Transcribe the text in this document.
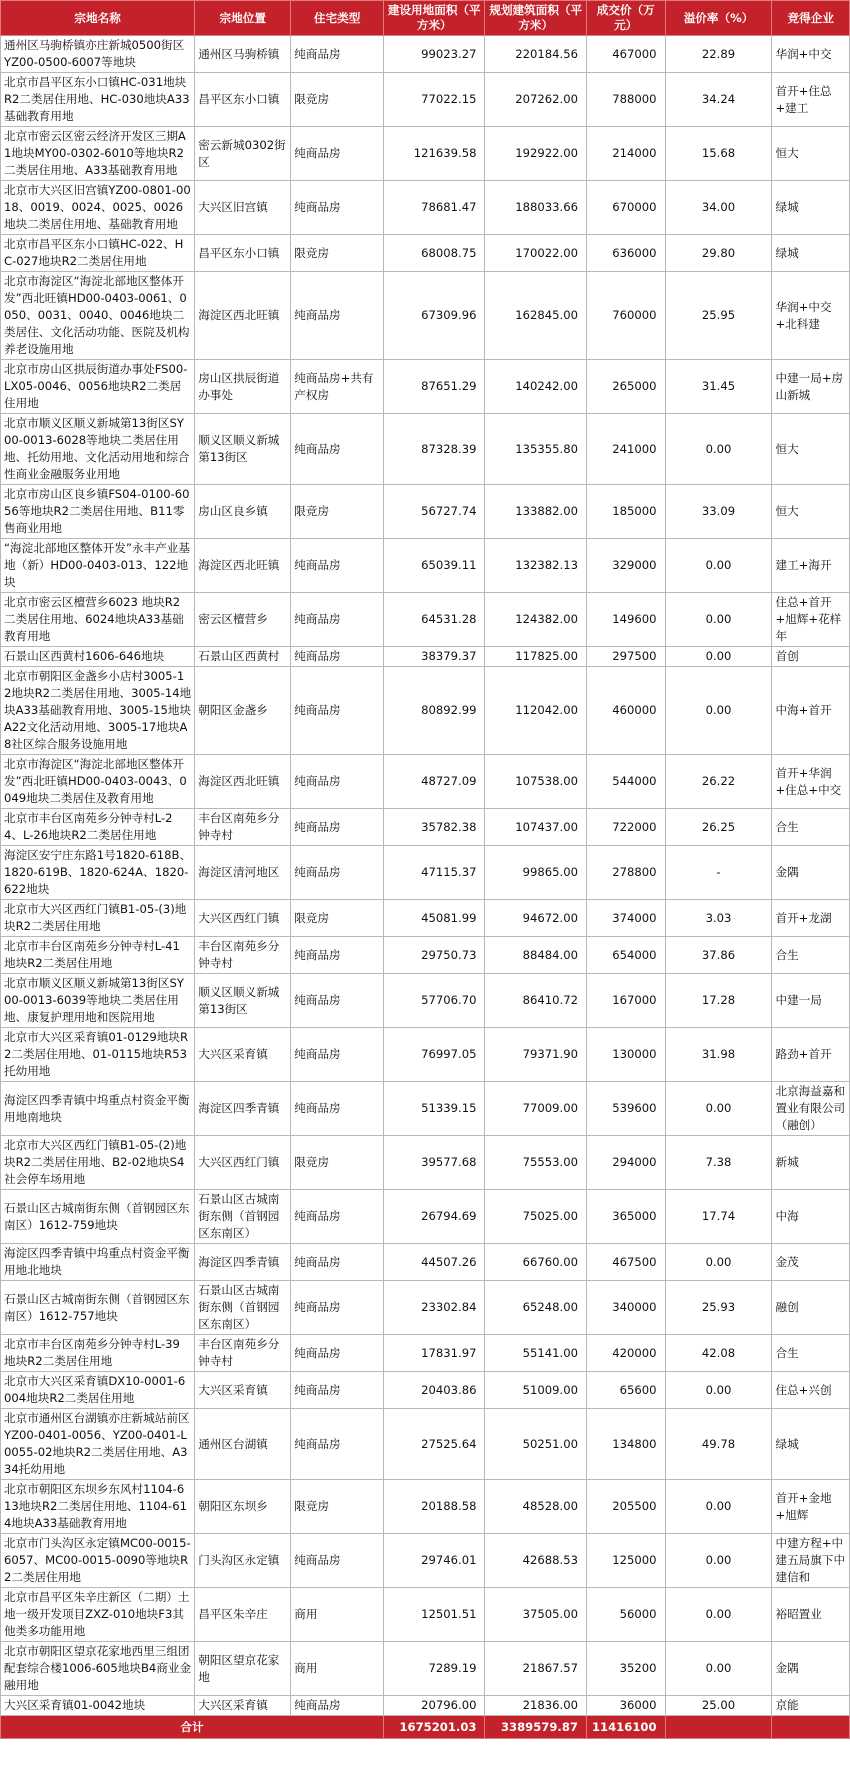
宗地名称	宗地位置	住宅类型	建设用地面积（平方米）	规划建筑面积（平方米）	成交价（万元）	溢价率（%）	竞得企业
通州区马驹桥镇亦庄新城0500街区YZ00-0500-6007等地块	通州区马驹桥镇	纯商品房	99023.27	220184.56	467000	22.89	华润+中交
北京市昌平区东小口镇HC-031地块R2二类居住用地、HC-030地块A33基础教育用地	昌平区东小口镇	限竞房	77022.15	207262.00	788000	34.24	首开+住总+建工
北京市密云区密云经济开发区三期A1地块MY00-0302-6010等地块R2二类居住用地、A33基础教育用地	密云新城0302街区	纯商品房	121639.58	192922.00	214000	15.68	恒大
北京市大兴区旧宫镇YZ00-0801-0018、0019、0024、0025、0026地块二类居住用地、基础教育用地	大兴区旧宫镇	纯商品房	78681.47	188033.66	670000	34.00	绿城
北京市昌平区东小口镇HC-022、HC-027地块R2二类居住用地	昌平区东小口镇	限竞房	68008.75	170022.00	636000	29.80	绿城
北京市海淀区“海淀北部地区整体开发”西北旺镇HD00-0403-0061、0050、0031、0040、0046地块二类居住、文化活动功能、医院及机构养老设施用地	海淀区西北旺镇	纯商品房	67309.96	162845.00	760000	25.95	华润+中交+北科建
北京市房山区拱辰街道办事处FS00-LX05-0046、0056地块R2二类居住用地	房山区拱辰街道办事处	纯商品房+共有产权房	87651.29	140242.00	265000	31.45	中建一局+房山新城
北京市顺义区顺义新城第13街区SY00-0013-6028等地块二类居住用地、托幼用地、文化活动用地和综合性商业金融服务业用地	顺义区顺义新城第13街区	纯商品房	87328.39	135355.80	241000	0.00	恒大
北京市房山区良乡镇FS04-0100-6056等地块R2二类居住用地、B11零售商业用地	房山区良乡镇	限竞房	56727.74	133882.00	185000	33.09	恒大
“海淀北部地区整体开发”永丰产业基地（新）HD00-0403-013、122地块	海淀区西北旺镇	纯商品房	65039.11	132382.13	329000	0.00	建工+海开
北京市密云区檀营乡6023 地块R2二类居住用地、6024地块A33基础教育用地	密云区檀营乡	纯商品房	64531.28	124382.00	149600	0.00	住总+首开+旭辉+花样年
石景山区西黄村1606-646地块	石景山区西黄村	纯商品房	38379.37	117825.00	297500	0.00	首创
北京市朝阳区金盏乡小店村3005-12地块R2二类居住用地、3005-14地块A33基础教育用地、3005-15地块A22文化活动用地、3005-17地块A8社区综合服务设施用地	朝阳区金盏乡	纯商品房	80892.99	112042.00	460000	0.00	中海+首开
北京市海淀区“海淀北部地区整体开发”西北旺镇HD00-0403-0043、0049地块二类居住及教育用地	海淀区西北旺镇	纯商品房	48727.09	107538.00	544000	26.22	首开+华润+住总+中交
北京市丰台区南苑乡分钟寺村L-24、L-26地块R2二类居住用地	丰台区南苑乡分钟寺村	纯商品房	35782.38	107437.00	722000	26.25	合生
海淀区安宁庄东路1号1820-618B、1820-619B、1820-624A、1820-622地块	海淀区清河地区	纯商品房	47115.37	99865.00	278800	-	金隅
北京市大兴区西红门镇B1-05-(3)地块R2二类居住用地	大兴区西红门镇	限竞房	45081.99	94672.00	374000	3.03	首开+龙湖
北京市丰台区南苑乡分钟寺村L-41地块R2二类居住用地	丰台区南苑乡分钟寺村	纯商品房	29750.73	88484.00	654000	37.86	合生
北京市顺义区顺义新城第13街区SY00-0013-6039等地块二类居住用地、康复护理用地和医院用地	顺义区顺义新城第13街区	纯商品房	57706.70	86410.72	167000	17.28	中建一局
北京市大兴区采育镇01-0129地块R2二类居住用地、01-0115地块R53托幼用地	大兴区采育镇	纯商品房	76997.05	79371.90	130000	31.98	路劲+首开
海淀区四季青镇中坞重点村资金平衡用地南地块	海淀区四季青镇	纯商品房	51339.15	77009.00	539600	0.00	北京海益嘉和置业有限公司（融创）
北京市大兴区西红门镇B1-05-(2)地块R2二类居住用地、B2-02地块S4社会停车场用地	大兴区西红门镇	限竞房	39577.68	75553.00	294000	7.38	新城
石景山区古城南街东侧（首钢园区东南区）1612-759地块	石景山区古城南街东侧（首钢园区东南区）	纯商品房	26794.69	75025.00	365000	17.74	中海
海淀区四季青镇中坞重点村资金平衡用地北地块	海淀区四季青镇	纯商品房	44507.26	66760.00	467500	0.00	金茂
石景山区古城南街东侧（首钢园区东南区）1612-757地块	石景山区古城南街东侧（首钢园区东南区）	纯商品房	23302.84	65248.00	340000	25.93	融创
北京市丰台区南苑乡分钟寺村L-39地块R2二类居住用地	丰台区南苑乡分钟寺村	纯商品房	17831.97	55141.00	420000	42.08	合生
北京市大兴区采育镇DX10-0001-6004地块R2二类居住用地	大兴区采育镇	纯商品房	20403.86	51009.00	65600	0.00	住总+兴创
北京市通州区台湖镇亦庄新城站前区YZ00-0401-0056、YZ00-0401-L0055-02地块R2二类居住用地、A334托幼用地	通州区台湖镇	纯商品房	27525.64	50251.00	134800	49.78	绿城
北京市朝阳区东坝乡东风村1104-613地块R2二类居住用地、1104-614地块A33基础教育用地	朝阳区东坝乡	限竞房	20188.58	48528.00	205500	0.00	首开+金地+旭辉
北京市门头沟区永定镇MC00-0015-6057、MC00-0015-0090等地块R2二类居住用地	门头沟区永定镇	纯商品房	29746.01	42688.53	125000	0.00	中建方程+中建五局旗下中建信和
北京市昌平区朱辛庄新区（二期）土地一级开发项目ZXZ-010地块F3其他类多功能用地	昌平区朱辛庄	商用	12501.51	37505.00	56000	0.00	裕昭置业
北京市朝阳区望京花家地西里三组团配套综合楼1006-605地块B4商业金融用地	朝阳区望京花家地	商用	7289.19	21867.57	35200	0.00	金隅
大兴区采育镇01-0042地块	大兴区采育镇	纯商品房	20796.00	21836.00	36000	25.00	京能
合计			1675201.03	3389579.87	11416100		
